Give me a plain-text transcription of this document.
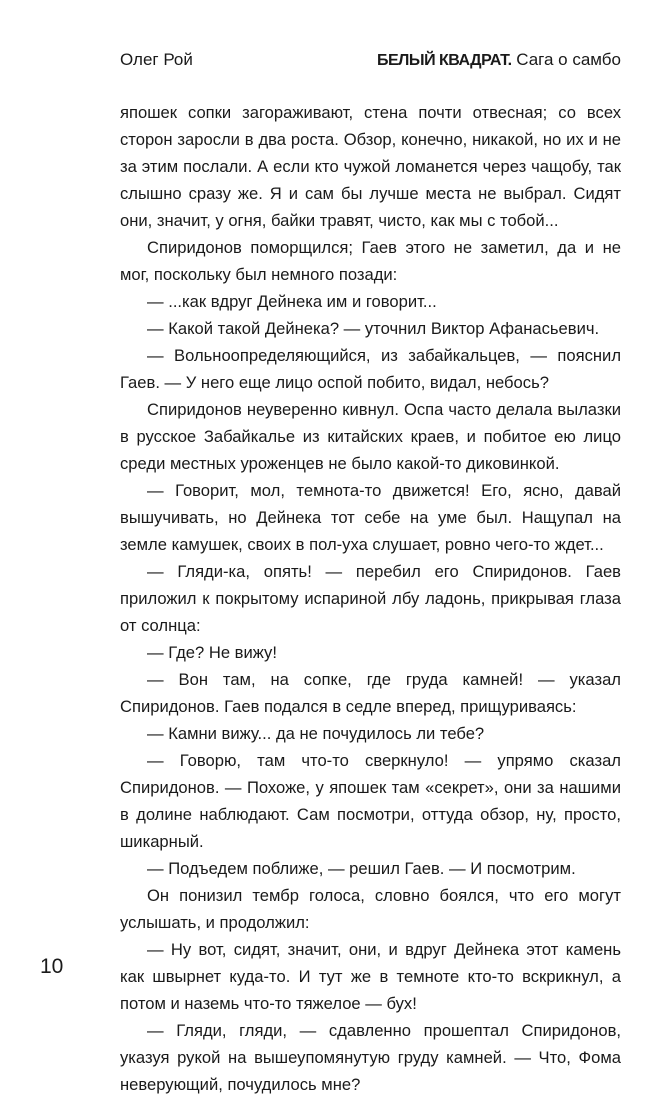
Олег Рой	БЕЛЫЙ КВАДРАТ. Сага о самбо

япошек сопки загораживают, стена почти отвесная; со всех сторон заросли в два роста. Обзор, конечно, никакой, но их и не за этим послали. А если кто чужой ломанется через чащобу, так слышно сразу же. Я и сам бы лучше места не выбрал. Сидят они, значит, у огня, байки травят, чисто, как мы с тобой...

Спиридонов поморщился; Гаев этого не заметил, да и не мог, поскольку был немного позади:

— ...как вдруг Дейнека им и говорит...

— Какой такой Дейнека? — уточнил Виктор Афанасьевич.

— Вольноопределяющийся, из забайкальцев, — пояснил Гаев. — У него еще лицо оспой побито, видал, небось?

Спиридонов неуверенно кивнул. Оспа часто делала вылазки в русское Забайкалье из китайских краев, и побитое ею лицо среди местных уроженцев не было какой-то диковинкой.

— Говорит, мол, темнота-то движется! Его, ясно, давай вышучивать, но Дейнека тот себе на уме был. Нащупал на земле камушек, своих в пол-уха слушает, ровно чего-то ждет...

— Гляди-ка, опять! — перебил его Спиридонов. Гаев приложил к покрытому испариной лбу ладонь, прикрывая глаза от солнца:

— Где? Не вижу!

— Вон там, на сопке, где груда камней! — указал Спиридонов. Гаев подался в седле вперед, прищуриваясь:

— Камни вижу... да не почудилось ли тебе?

— Говорю, там что-то сверкнуло! — упрямо сказал Спиридонов. — Похоже, у япошек там «секрет», они за нашими в долине наблюдают. Сам посмотри, оттуда обзор, ну, просто, шикарный.

— Подъедем поближе, — решил Гаев. — И посмотрим.

Он понизил тембр голоса, словно боялся, что его могут услышать, и продолжил:

— Ну вот, сидят, значит, они, и вдруг Дейнека этот камень как швырнет куда-то. И тут же в темноте кто-то вскрикнул, а потом и наземь что-то тяжелое — бух!

— Гляди, гляди, — сдавленно прошептал Спиридонов, указуя рукой на вышеупомянутую груду камней. — Что, Фома неверующий, почудилось мне?

10
